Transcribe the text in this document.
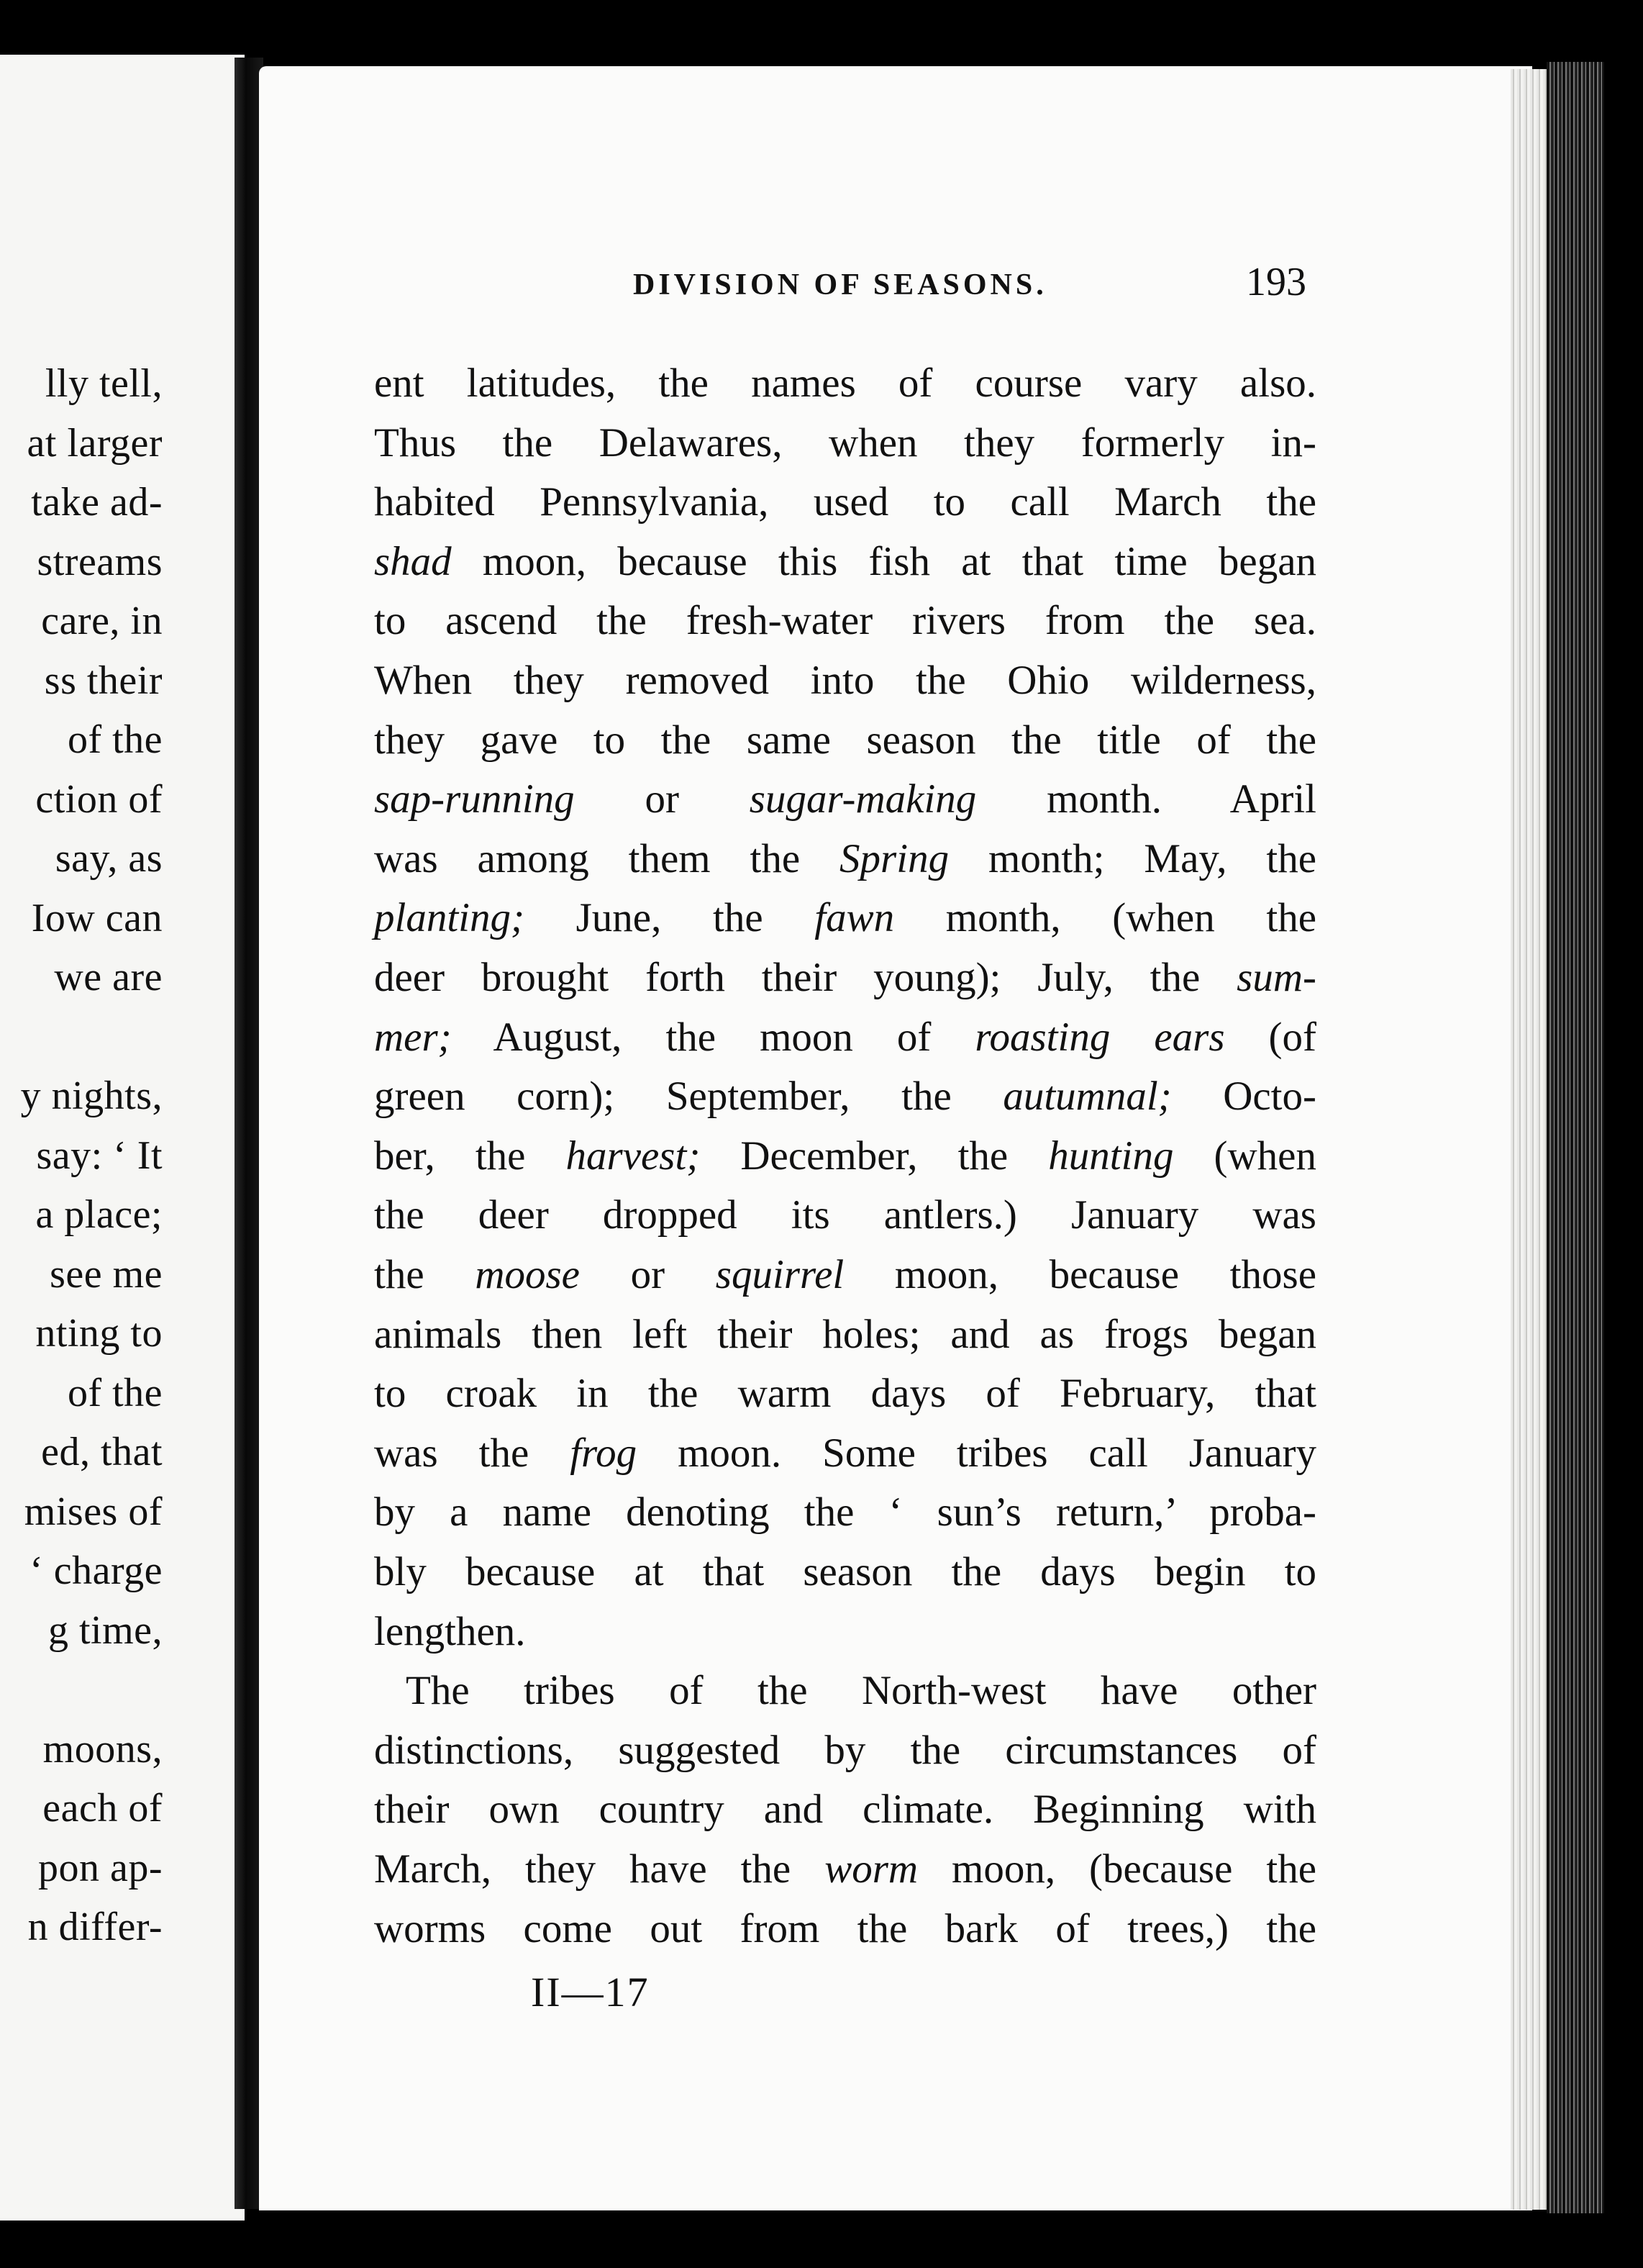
lly tell,
at larger
take ad-
streams
care, in
ss their
of the
ction of
say, as
Iow can
we are
y nights,
say: ‘ It
a place;
see me
nting to
of the
ed, that
mises of
‘ charge
g time,
moons,
each of
pon ap-
n differ-
DIVISION OF SEASONS.	193
ent latitudes, the names of course vary also.
Thus the Delawares, when they formerly in-
habited Pennsylvania, used to call March the
shad moon, because this fish at that time began
to ascend the fresh-water rivers from the sea.
When they removed into the Ohio wilderness,
they gave to the same season the title of the
sap-running or sugar-making month. April
was among them the Spring month; May, the
planting; June, the fawn month, (when the
deer brought forth their young); July, the sum-
mer; August, the moon of roasting ears (of
green corn); September, the autumnal; Octo-
ber, the harvest; December, the hunting (when
the deer dropped its antlers.) January was
the moose or squirrel moon, because those
animals then left their holes; and as frogs began
to croak in the warm days of February, that
was the frog moon. Some tribes call January
by a name denoting the ‘ sun’s return,’ proba-
bly because at that season the days begin to
lengthen.
The tribes of the North-west have other
distinctions, suggested by the circumstances of
their own country and climate. Beginning with
March, they have the worm moon, (because the
worms come out from the bark of trees,) the
II—17
